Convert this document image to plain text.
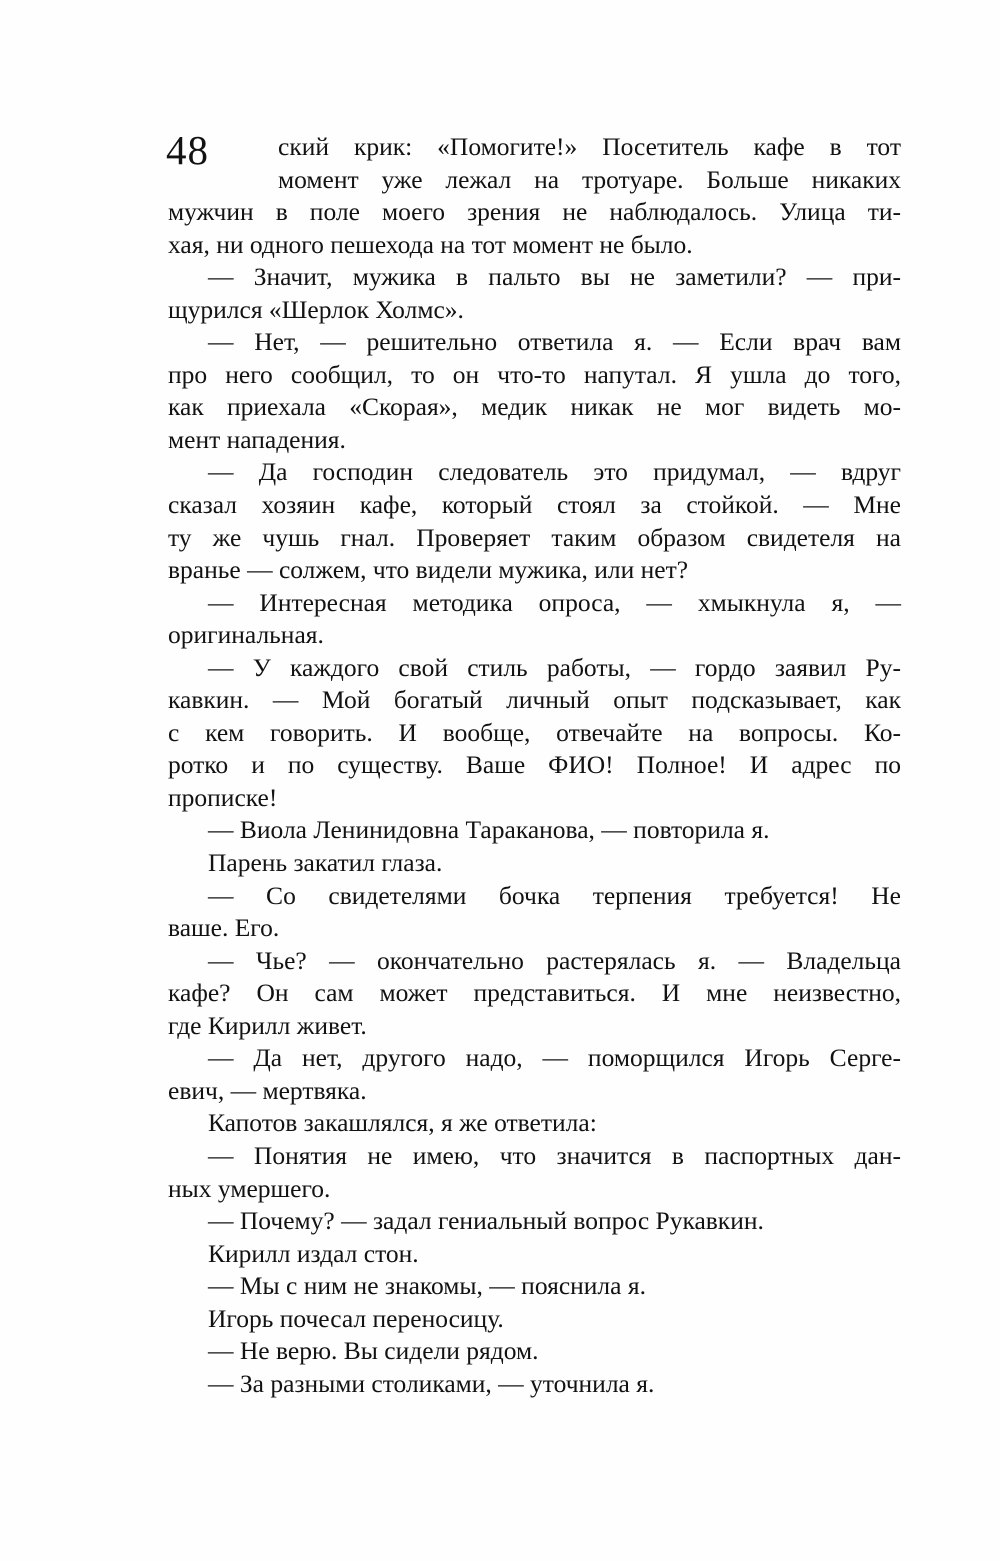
48	ский крик: «Помогите!» Посетитель кафе в тот
момент уже лежал на тротуаре. Больше никаких
мужчин в поле моего зрения не наблюдалось. Улица ти-
хая, ни одного пешехода на тот момент не было.
— Значит, мужика в пальто вы не заметили? — при-
щурился «Шерлок Холмс».
— Нет, — решительно ответила я. — Если врач вам
про него сообщил, то он что-то напутал. Я ушла до того,
как приехала «Скорая», медик никак не мог видеть мо-
мент нападения.
— Да господин следователь это придумал, — вдруг
сказал хозяин кафе, который стоял за стойкой. — Мне
ту же чушь гнал. Проверяет таким образом свидетеля на
вранье — солжем, что видели мужика, или нет?
— Интересная методика опроса, — хмыкнула я, —
оригинальная.
— У каждого свой стиль работы, — гордо заявил Ру-
кавкин. — Мой богатый личный опыт подсказывает, как
с кем говорить. И вообще, отвечайте на вопросы. Ко-
ротко и по существу. Ваше ФИО! Полное! И адрес по
прописке!
— Виола Ленинидовна Тараканова, — повторила я.
Парень закатил глаза.
— Со свидетелями бочка терпения требуется! Не
ваше. Его.
— Чье? — окончательно растерялась я. — Владельца
кафе? Он сам может представиться. И мне неизвестно,
где Кирилл живет.
— Да нет, другого надо, — поморщился Игорь Серге-
евич, — мертвяка.
Капотов закашлялся, я же ответила:
— Понятия не имею, что значится в паспортных дан-
ных умершего.
— Почему? — задал гениальный вопрос Рукавкин.
Кирилл издал стон.
— Мы с ним не знакомы, — пояснила я.
Игорь почесал переносицу.
— Не верю. Вы сидели рядом.
— За разными столиками, — уточнила я.
